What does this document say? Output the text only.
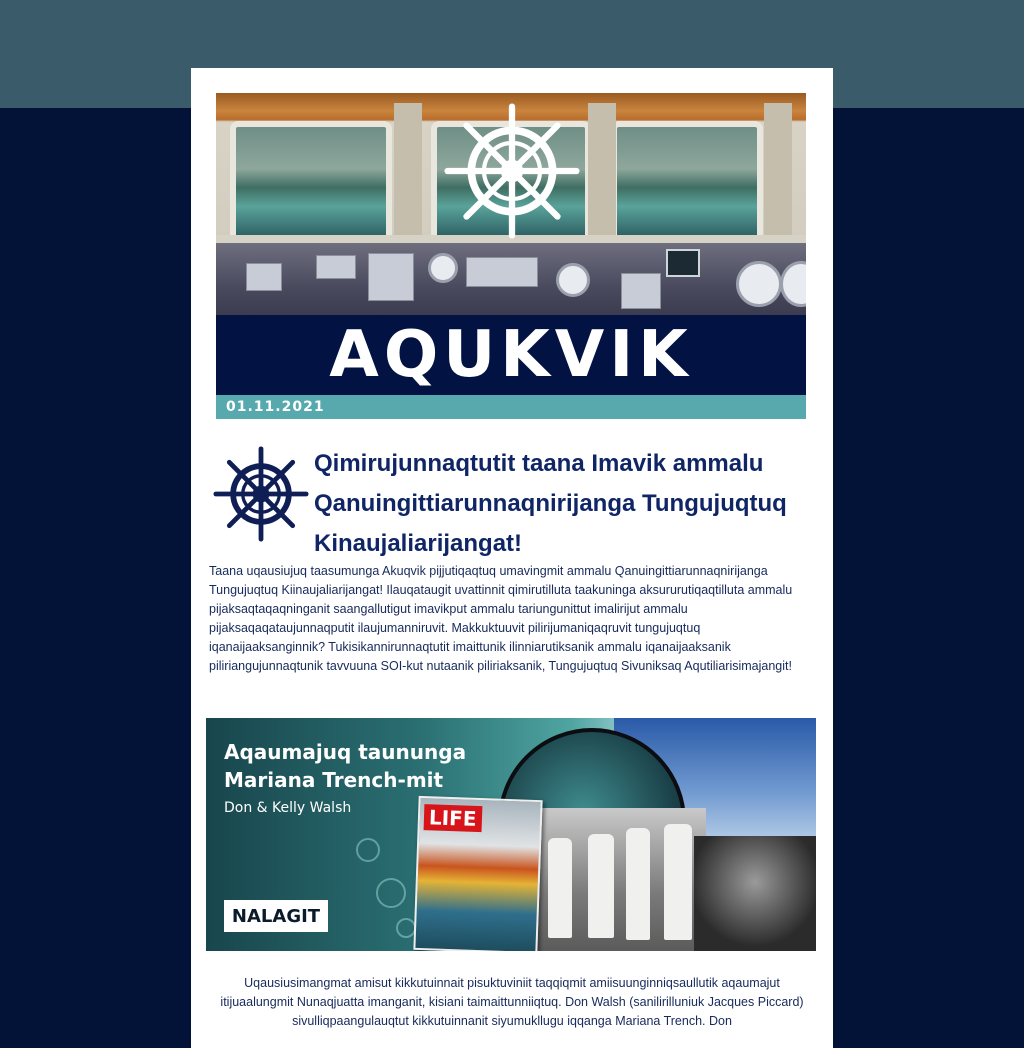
AQUKVIK
01.11.2021
Qimirujunnaqtutit taana Imavik ammalu Qanuingittiarunnaqnirijanga Tungujuqtuq Kinaujaliarijangat!

Taana uqausiujuq taasumunga Akuqvik pijjutiqaqtuq umavingmit ammalu Qanuingittiarunnaqnirijanga Tungujuqtuq Kiinaujaliarijangat! Ilauqataugit uvattinnit qimirutilluta taakuninga aksururutiqaqtilluta ammalu pijaksaqtaqaqninganit saangallutigut imavikput ammalu tariungunittut imalirijut ammalu pijaksaqaqataujunnaqputit ilaujumanniruvit. Makkuktuuvit pilirijumaniqaqruvit tungujuqtuq iqanaijaaksanginnik? Tukisikannirunnaqtutit imaittunik ilinniarutiksanik ammalu iqanaijaaksanik piliriangujunnaqtunik tavvuuna SOI-kut nutaanik piliriaksanik, Tungujuqtuq Sivuniksaq Aqutiliarisimajangit!

LIFE
Aqaumajuq taununga
Mariana Trench-mit
Don & Kelly Walsh
NALAGIT

Uqausiusimangmat amisut kikkutuinnait pisuktuviniit taqqiqmit amiisuunginniqsaullutik aqaumajut itijuaalungmit Nunaqjuatta imanganit, kisiani taimaittunniiqtuq. Don Walsh (sanilirilluniuk Jacques Piccard) sivulliqpaangulauqtut kikkutuinnanit siyumukllugu iqqanga Mariana Trench. Don
